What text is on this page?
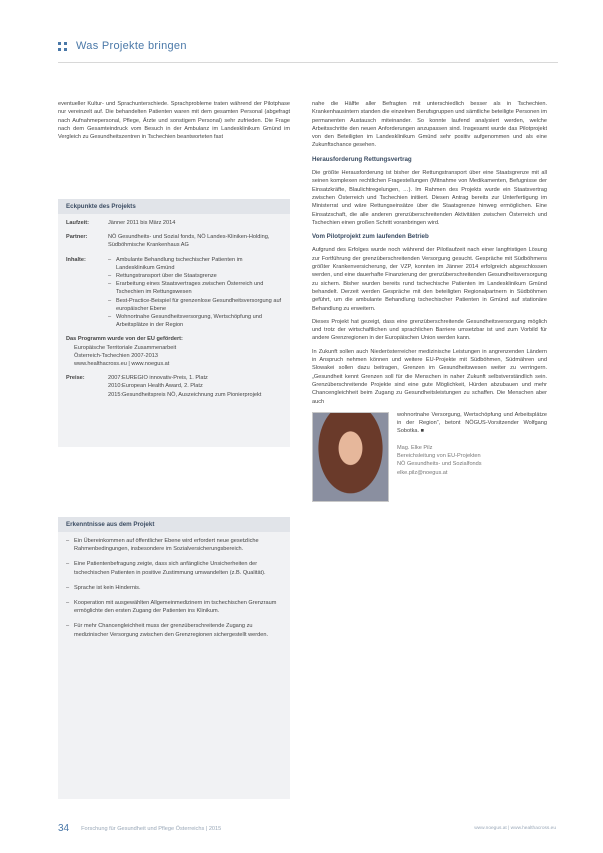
Was Projekte bringen

eventueller Kultur- und Sprachunterschiede. Sprachprobleme traten während der Pilotphase nur vereinzelt auf. Die behandelten Patienten waren mit dem gesamten Personal (abgefragt nach Aufnahmepersonal, Pflege, Ärzte und sonstigem Personal) sehr zufrieden. Die Frage nach dem Gesamteindruck vom Besuch in der Ambulanz im Landesklinikum Gmünd im Vergleich zu Gesundheitszentren in Tschechien beantworteten fast

Eckpunkte des Projekts
Laufzeit:	Jänner 2011 bis März 2014
Partner:	NÖ Gesundheits- und Sozial fonds, NÖ Landes-Kliniken-Holding, Südböhmische Krankenhaus AG
Inhalte:
–	Ambulante Behandlung tschechischer Patienten im Landesklinikum Gmünd
– Rettungstransport über die Staatsgrenze
– Erarbeitung eines Staatsvertrages zwischen Österreich und Tschechien im Rettungswesen
– Best-Practice-Beispiel für grenzenlose Gesundheitsversorgung auf europäischer Ebene
– Wohnortnahe Gesundheitsversorgung, Wertschöpfung und Arbeitsplätze in der Region
Das Programm wurde von der EU gefördert:
Europäische Territoriale Zusammenarbeit
Österreich-Tschechien 2007-2013
www.healthacross.eu | www.noegus.at
Preise:	2007:EUREGIO innovativ-Preis, 1. Platz
2010:European Health Award, 2. Platz
2015:Gesundheitspreis NÖ, Auszeichnung zum Pionierprojekt
Erkenntnisse aus dem Projekt
– Ein Übereinkommen auf öffentlicher Ebene wird erfordert neue gesetzliche Rahmenbedingungen, insbesondere im Sozialversicherungsbereich.
– Eine Patientenbefragung zeigte, dass sich anfängliche Unsicherheiten der tschechischen Patienten in positive Zustimmung umwandelten (z.B. Qualität).
– Sprache ist kein Hindernis.
– Kooperation mit ausgewählten Allgemeinmedizinern im tschechischen Grenzraum ermöglichte den ersten Zugang der Patienten ins Klinikum.
– Für mehr Chancengleichheit muss der grenzüberschreitende Zugang zu medizinischer Versorgung zwischen den Grenzregionen sichergestellt werden.

nahe die Hälfte aller Befragten mit unterschiedlich besser als in Tschechien. Krankenhausintern standen die einzelnen Berufsgruppen und sämtliche beteiligte Personen im permanenten Austausch miteinander. So konnte laufend analysiert werden, welche Arbeitsschritte den neuen Anforderungen anzupassen sind. Insgesamt wurde das Pilotprojekt von den Beteiligten im Landesklinikum Gmünd sehr positiv aufgenommen und als eine Zukunftschance gesehen.

Herausforderung Rettungsvertrag

Die größte Herausforderung ist bisher der Rettungstransport über eine Staatsgrenze mit all seinen komplexen rechtlichen Fragestellungen (Mitnahme von Medikamenten, Befugnisse der Einsatzkräfte, Blaulichtregelungen, …). Im Rahmen des Projekts wurde ein Staatsvertrag zwischen Österreich und Tschechien initiiert. Diesen Antrag bereits zur Unterfertigung im Ministerrat und wäre Rettungseinsätze über die Staatsgrenze hinweg ermöglichen. Eine Einsatzschaft, die alle anderen grenzüberschreitenden Aktivitäten zwischen Österreich und Tschechien einen großen Schritt voranbringen wird.

Vom Pilotprojekt zum laufenden Betrieb

Aufgrund des Erfolges wurde noch während der Pilotlaufzeit nach einer langfristigen Lösung zur Fortführung der grenzüberschreitenden Versorgung gesucht. Gespräche mit Südböhmens größter Krankenversicherung, der VZP, konnten im Jänner 2014 erfolgreich abgeschlossen werden, und eine dauerhafte Finanzierung der grenzüberschreitenden Gesundheitsversorgung zu sichern. Bisher wurden bereits rund tschechische Patienten im Landesklinikum Gmünd behandelt. Derzeit werden Gespräche mit den beteiligten Regionalpartnern in Südböhmen geführt, um die ambulante Behandlung tschechischer Patienten in Gmünd auf stationäre Behandlung zu erweitern.

Dieses Projekt hat gezeigt, dass eine grenzüberschreitende Gesundheitsversorgung möglich und trotz der wirtschaftlichen und sprachlichen Barriere umsetzbar ist und zum Vorbild für andere Grenzregionen in der Europäischen Union werden kann.

In Zukunft sollen auch Niederösterreicher medizinische Leistungen in angrenzenden Ländern in Anspruch nehmen können und weitere EU-Projekte mit Südböhmen, Südmähren und Slowakei sollen dazu beitragen, Grenzen im Gesundheitswesen weiter zu verringern. „Gesundheit kennt Grenzen soll für die Menschen in naher Zukunft selbstverständlich sein. Grenzüberschreitende Projekte sind eine gute Möglichkeit, Hürden abzubauen und mehr Chancengleichheit beim Zugang zu Gesundheitsleistungen zu schaffen. Die Menschen aber auch

wohnortnahe Versorgung, Wertschöpfung und Arbeitsplätze in der Region“, betont NÖGUS-Vorsitzender Wolfgang Sobotka. ■

Mag. Elke Pilz
Bereichsleitung von EU-Projekten
NÖ Gesundheits- und Sozialfonds
elke.pilz@noegus.at
34 Forschung für Gesundheit und Pflege Österreichs | 2015	www.noegus.at | www.healthacross.eu
